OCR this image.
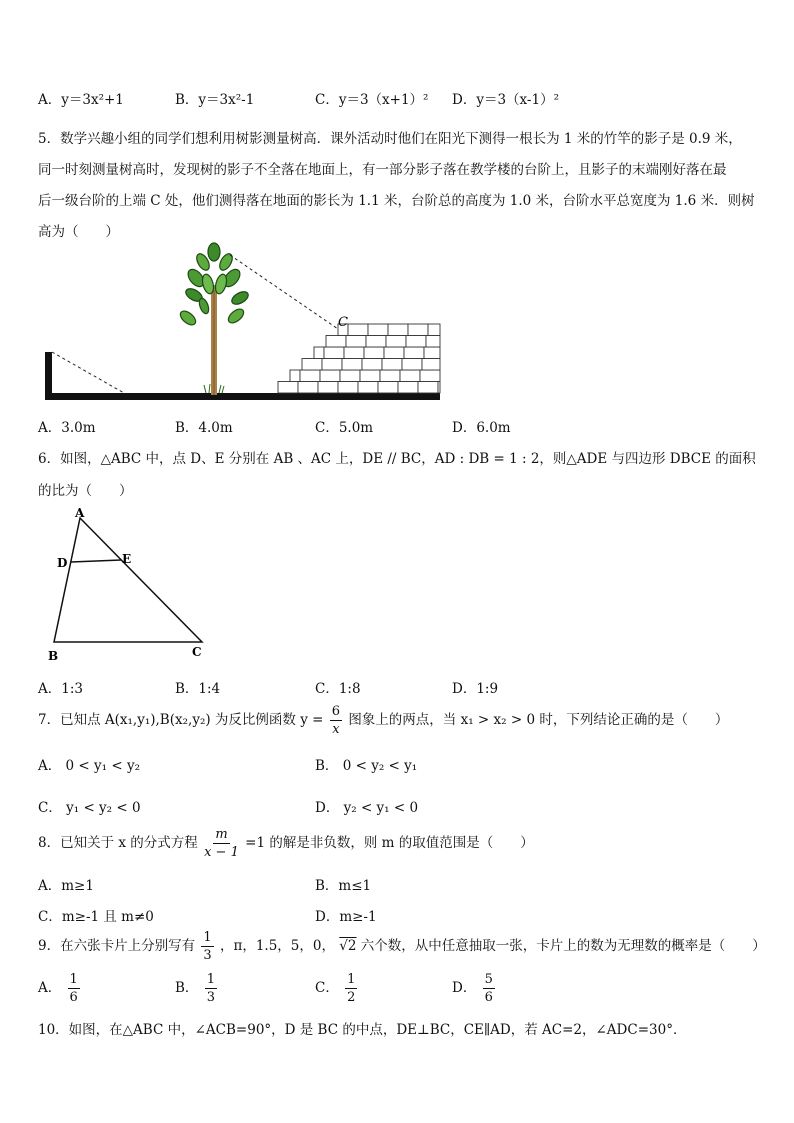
A．y＝3x²+1	B．y＝3x²-1	C．y＝3（x+1）² D．y＝3（x-1）²
5．数学兴趣小组的同学们想利用树影测量树高．课外活动时他们在阳光下测得一根长为 1 米的竹竿的影子是 0.9 米，
同一时刻测量树高时，发现树的影子不全落在地面上，有一部分影子落在教学楼的台阶上，且影子的末端刚好落在最
后一级台阶的上端 C 处，他们测得落在地面的影长为 1.1 米，台阶总的高度为 1.0 米，台阶水平总宽度为 1.6 米．则树
高为（　　）
C
A．3.0m	B．4.0m	C．5.0m	D．6.0m
6．如图，△ABC 中，点 D、E 分别在 AB 、AC 上，DE // BC，AD : DB = 1 : 2，则△ADE 与四边形 DBCE 的面积
的比为（　　）
A
D	E
B	C
A．1:3	B．1:4	C．1:8	D．1:9
7．已知点 A(x₁,y₁),B(x₂,y₂) 为反比例函数 $y = \frac{6}{x}$ 图象上的两点，当 x₁ > x₂ > 0 时，下列结论正确的是（　　）
A． 0 < y₁ < y₂	B． 0 < y₂ < y₁
C． y₁ < y₂ < 0	D． y₂ < y₁ < 0
8．已知关于 x 的分式方程 $\frac{m}{x - 1} =1$ 的解是非负数，则 m 的取值范围是（　　）
A．m≥1	B．m≤1
C．m≥-1 且 m≠0	D．m≥-1
9．在六张卡片上分别写有 $\frac{1}{3}$ ，π，1.5，5，0， √2 六个数，从中任意抽取一张，卡片上的数为无理数的概率是（　　）
A． $\frac{1}{6}$	B． $\frac{1}{3}$	C． $\frac{1}{2}$	D． $\frac{5}{6}$
10．如图，在△ABC 中，∠ACB=90°，D 是 BC 的中点，DE⊥BC，CE∥AD，若 AC=2，∠ADC=30°．
